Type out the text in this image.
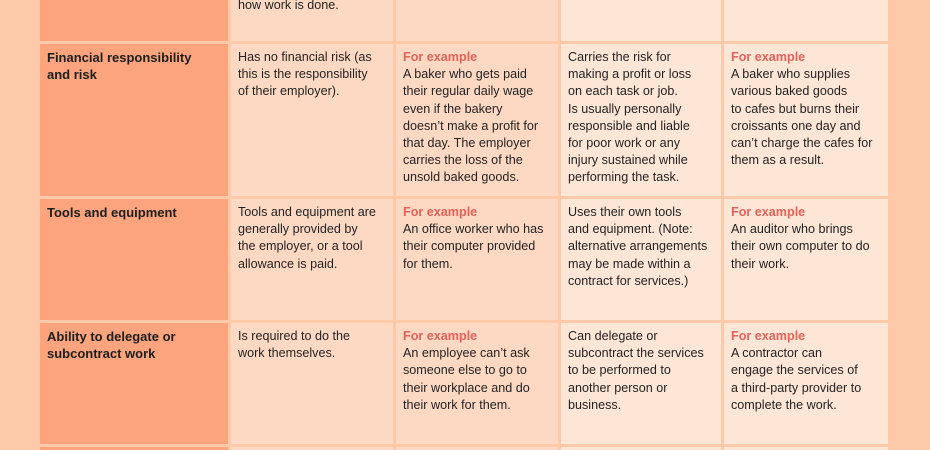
how work is done.
Financial responsibility
and risk
Has no financial risk (as
this is the responsibility
of their employer).
For example
A baker who gets paid
their regular daily wage
even if the bakery
doesn’t make a profit for
that day. The employer
carries the loss of the
unsold baked goods.
Carries the risk for
making a profit or loss
on each task or job.
Is usually personally
responsible and liable
for poor work or any
injury sustained while
performing the task.
For example
A baker who supplies
various baked goods
to cafes but burns their
croissants one day and
can’t charge the cafes for
them as a result.
Tools and equipment	Tools and equipment are
generally provided by
the employer, or a tool
allowance is paid.
For example
An office worker who has
their computer provided
for them.
Uses their own tools
and equipment. (Note:
alternative arrangements
may be made within a
contract for services.)
For example
An auditor who brings
their own computer to do
their work.
Ability to delegate or
subcontract work
Is required to do the
work themselves.
For example
An employee can’t ask
someone else to go to
their workplace and do
their work for them.
Can delegate or
subcontract the services
to be performed to
another person or
business.
For example
A contractor can
engage the services of
a third-party provider to
complete the work.
